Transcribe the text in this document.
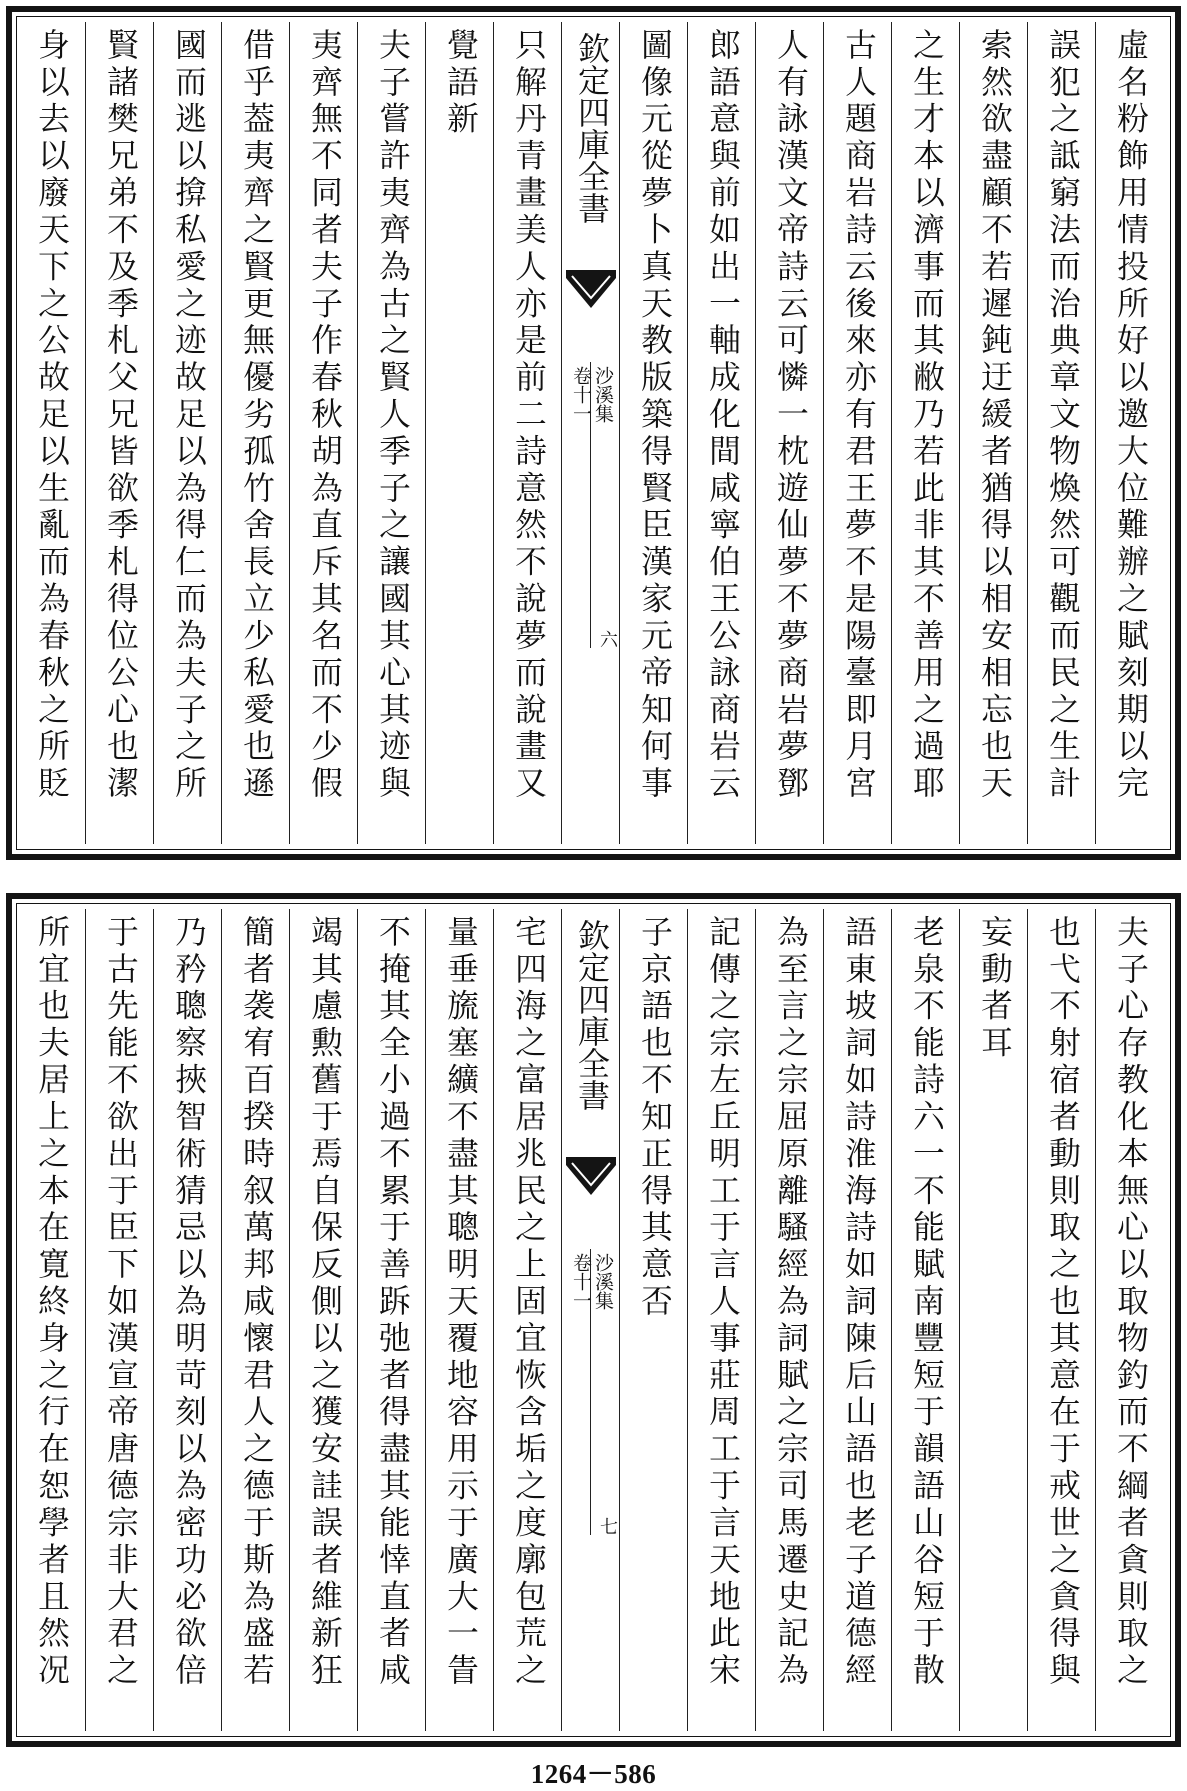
虛名粉飾用情投所好以邀大位難辦之賦刻期以完
誤犯之詆窮法而治典章文物煥然可觀而民之生計
索然欲盡顧不若遲鈍迂緩者猶得以相安相忘也天
之生才本以濟事而其敝乃若此非其不善用之過耶
古人題商岩詩云後來亦有君王夢不是陽臺即月宮
人有詠漢文帝詩云可憐一枕遊仙夢不夢商岩夢鄧
郎語意與前如出一軸成化間咸寧伯王公詠商岩云
圖像元從夢卜真天教版築得賢臣漢家元帝知何事
欽定四庫全書
沙溪集
卷十一
六
只解丹青畫美人亦是前二詩意然不說夢而說畫又
覺語新
夫子嘗許夷齊為古之賢人季子之讓國其心其迹與
夷齊無不同者夫子作春秋胡為直斥其名而不少假
借乎葢夷齊之賢更無優劣孤竹舍長立少私愛也遜
國而逃以揜私愛之迹故足以為得仁而為夫子之所
賢諸樊兄弟不及季札父兄皆欲季札得位公心也潔
身以去以廢天下之公故足以生亂而為春秋之所貶
夫子心存教化本無心以取物釣而不綱者貪則取之
也弋不射宿者動則取之也其意在于戒世之貪得與
妄動者耳
老泉不能詩六一不能賦南豐短于韻語山谷短于散
語東坡詞如詩淮海詩如詞陳后山語也老子道德經
為至言之宗屈原離騷經為詞賦之宗司馬遷史記為
記傳之宗左丘明工于言人事莊周工于言天地此宋
子京語也不知正得其意否
欽定四庫全書
沙溪集
卷十一
七
宅四海之富居兆民之上固宜恢含垢之度廓包荒之
量垂旒塞纊不盡其聰明天覆地容用示于廣大一眚
不掩其全小過不累于善跅弛者得盡其能悻直者咸
竭其慮勲舊于焉自保反側以之獲安詿誤者維新狂
簡者袭宥百揆時叙萬邦咸懷君人之德于斯為盛若
乃矜聰察挾智術猜忌以為明苛刻以為密功必欲倍
于古先能不欲出于臣下如漢宣帝唐德宗非大君之
所宜也夫居上之本在寛終身之行在恕學者且然况
1264－586
